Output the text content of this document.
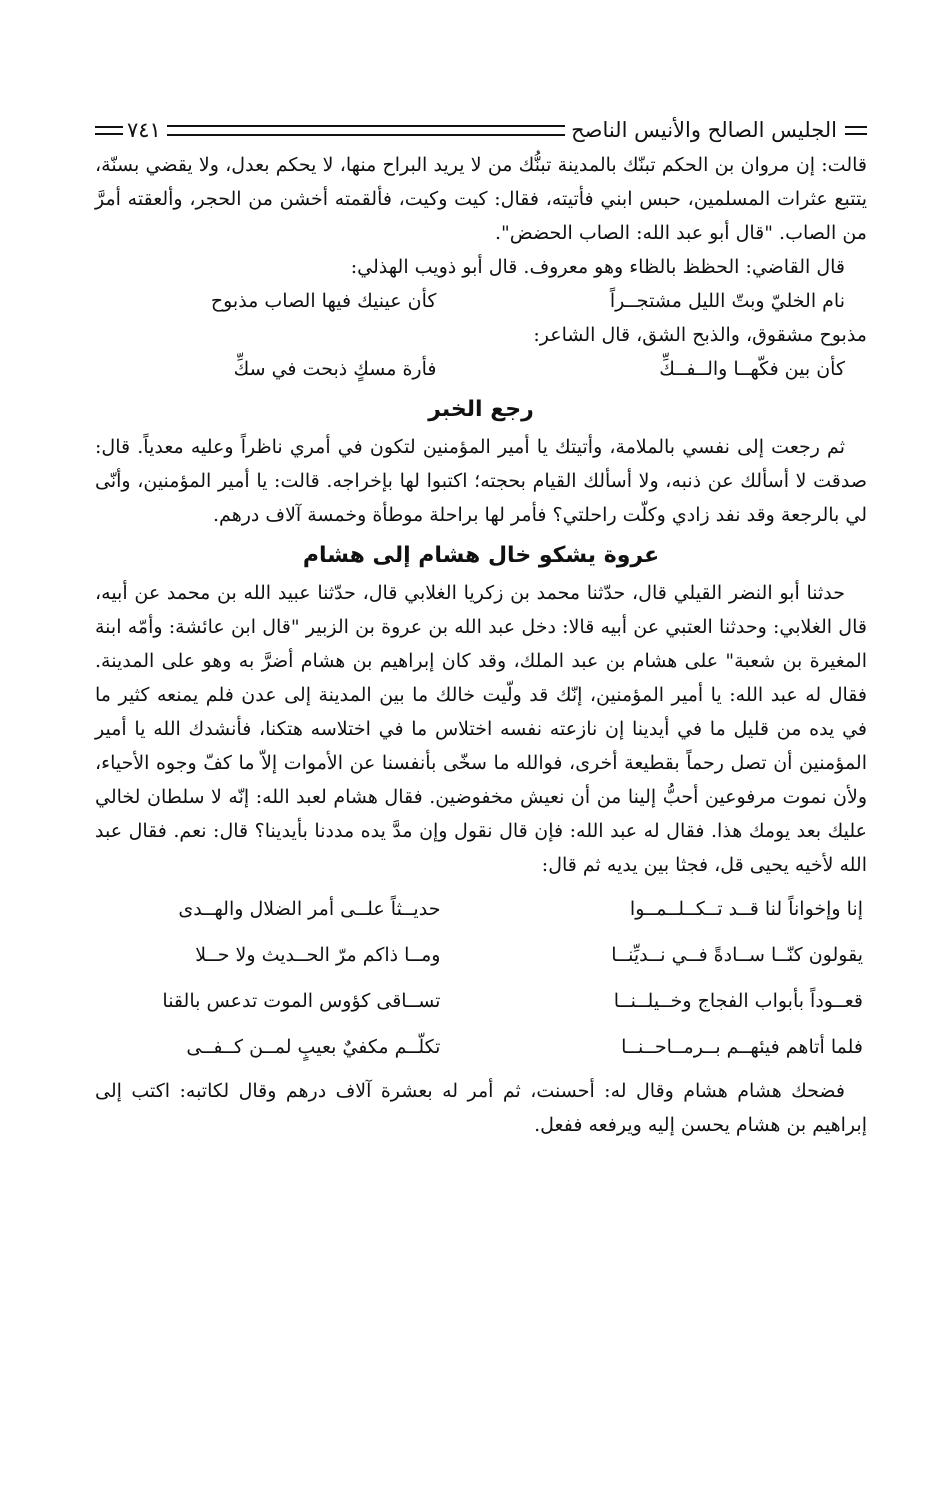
الجليس الصالح والأنيس الناصح
٧٤١

قالت: إن مروان بن الحكم تبنّك بالمدينة تبنُّك من لا يريد البراح منها، لا يحكم بعدل، ولا يقضي بسنّة، يتتبع عثرات المسلمين، حبس ابني فأتيته، فقال: كيت وكيت، فألقمته أخشن من الحجر، وألعقته أمرَّ من الصاب. "قال أبو عبد الله: الصاب الحضض".

قال القاضي: الحظظ بالظاء وهو معروف. قال أبو ذويب الهذلي:

نام الخليّ وبتّ الليل مشتجــراً
كأن عينيك فيها الصاب مذبوح

مذبوح مشقوق، والذبح الشق، قال الشاعر:

كأن بين فكّهــا والــفــكِّ
فأرة مسكٍ ذبحت في سكِّ
رجع الخبر

ثم رجعت إلى نفسي بالملامة، وأتيتك يا أمير المؤمنين لتكون في أمري ناظراً وعليه معدياً. قال: صدقت لا أسألك عن ذنبه، ولا أسألك القيام بحجته؛ اكتبوا لها بإخراجه. قالت: يا أمير المؤمنين، وأنّى لي بالرجعة وقد نفد زادي وكلّت راحلتي؟ فأمر لها براحلة موطأة وخمسة آلاف درهم.

عروة يشكو خال هشام إلى هشام

حدثنا أبو النضر القيلي قال، حدّثنا محمد بن زكريا الغلابي قال، حدّثنا عبيد الله بن محمد عن أبيه، قال الغلابي: وحدثنا العتبي عن أبيه قالا: دخل عبد الله بن عروة بن الزبير "قال ابن عائشة: وأمّه ابنة المغيرة بن شعبة" على هشام بن عبد الملك، وقد كان إبراهيم بن هشام أضرَّ به وهو على المدينة. فقال له عبد الله: يا أمير المؤمنين، إنّك قد ولّيت خالك ما بين المدينة إلى عدن فلم يمنعه كثير ما في يده من قليل ما في أيدينا إن نازعته نفسه اختلاس ما في اختلاسه هتكنا، فأنشدك الله يا أمير المؤمنين أن تصل رحماً بقطيعة أخرى، فوالله ما سخّى بأنفسنا عن الأموات إلاّ ما كفّ وجوه الأحياء، ولأن نموت مرفوعين أحبُّ إلينا من أن نعيش مخفوضين. فقال هشام لعبد الله: إنّه لا سلطان لخالي عليك بعد يومك هذا. فقال له عبد الله: فإن قال نقول وإن مدَّ يده مددنا بأيدينا؟ قال: نعم. فقال عبد الله لأخيه يحيى قل، فجثا بين يديه ثم قال:

إنا وإخواناً لنا قــد تــكــلــمــوا
حديــثاً علــى أمر الضلال والهــدى
يقولون كنّــا ســادةً فــي نــديِّنــا
ومــا ذاكم مرّ الحــديث ولا حــلا
قعــوداً بأبواب الفجاج وخــيلــنــا
تســاقى كؤوس الموت تدعس بالقنا
فلما أتاهم فيئهــم بــرمــاحــنــا
تكلّــم مكفيٌ بعيبٍ لمــن كــفــى

فضحك هشام هشام وقال له: أحسنت، ثم أمر له بعشرة آلاف درهم وقال لكاتبه: اكتب إلى إبراهيم بن هشام يحسن إليه ويرفعه ففعل.
